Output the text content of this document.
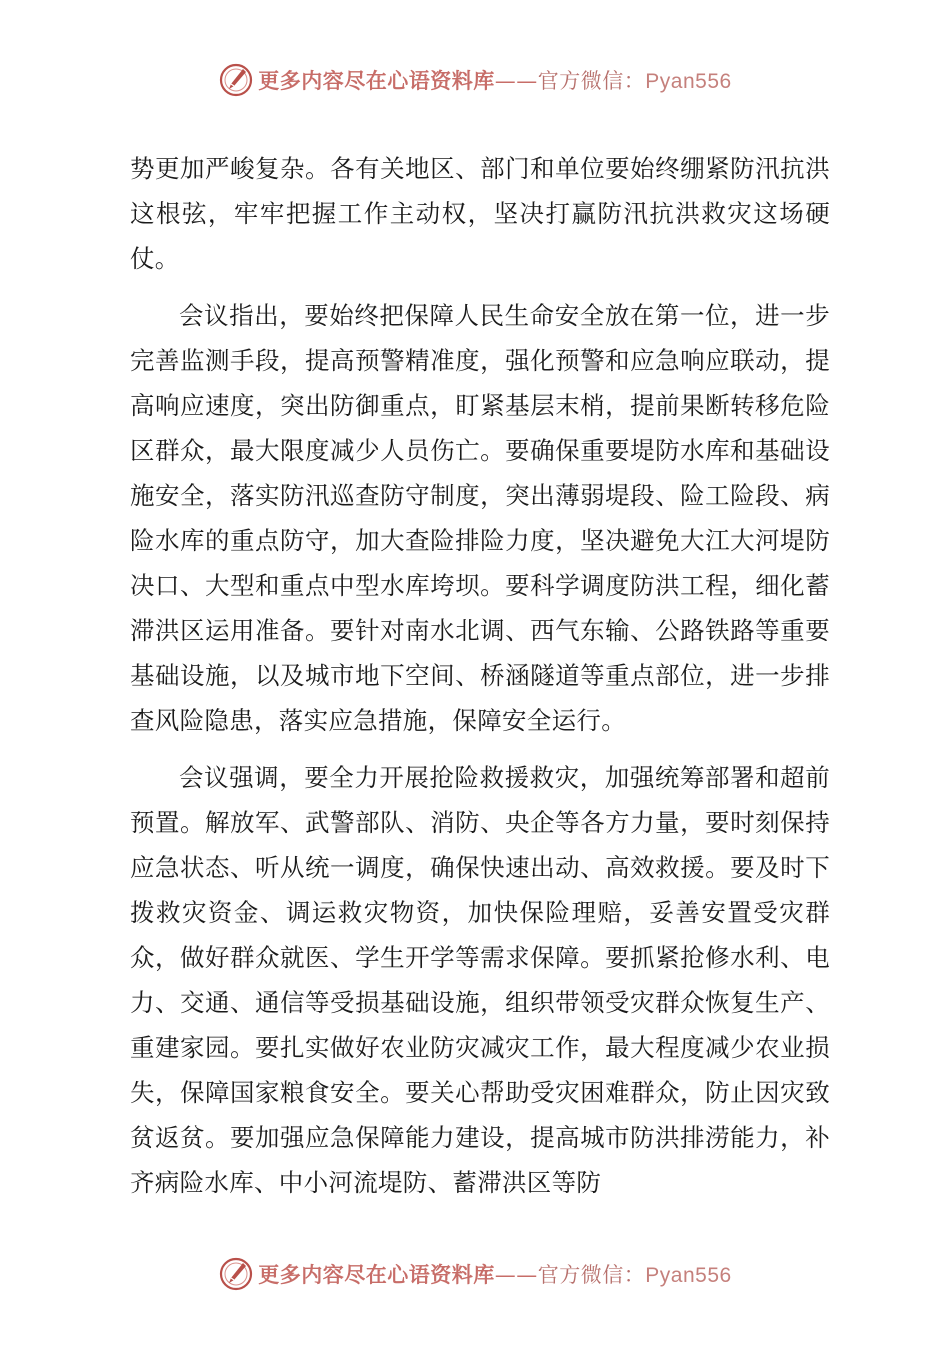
更多内容尽在心语资料库——官方微信：Pyan556

势更加严峻复杂。各有关地区、部门和单位要始终绷紧防汛抗洪这根弦，牢牢把握工作主动权，坚决打赢防汛抗洪救灾这场硬仗。

会议指出，要始终把保障人民生命安全放在第一位，进一步完善监测手段，提高预警精准度，强化预警和应急响应联动，提高响应速度，突出防御重点，盯紧基层末梢，提前果断转移危险区群众，最大限度减少人员伤亡。要确保重要堤防水库和基础设施安全，落实防汛巡查防守制度，突出薄弱堤段、险工险段、病险水库的重点防守，加大查险排险力度，坚决避免大江大河堤防决口、大型和重点中型水库垮坝。要科学调度防洪工程，细化蓄滞洪区运用准备。要针对南水北调、西气东输、公路铁路等重要基础设施，以及城市地下空间、桥涵隧道等重点部位，进一步排查风险隐患，落实应急措施，保障安全运行。

会议强调，要全力开展抢险救援救灾，加强统筹部署和超前预置。解放军、武警部队、消防、央企等各方力量，要时刻保持应急状态、听从统一调度，确保快速出动、高效救援。要及时下拨救灾资金、调运救灾物资，加快保险理赔，妥善安置受灾群众，做好群众就医、学生开学等需求保障。要抓紧抢修水利、电力、交通、通信等受损基础设施，组织带领受灾群众恢复生产、重建家园。要扎实做好农业防灾减灾工作，最大程度减少农业损失，保障国家粮食安全。要关心帮助受灾困难群众，防止因灾致贫返贫。要加强应急保障能力建设，提高城市防洪排涝能力，补齐病险水库、中小河流堤防、蓄滞洪区等防

更多内容尽在心语资料库——官方微信：Pyan556
